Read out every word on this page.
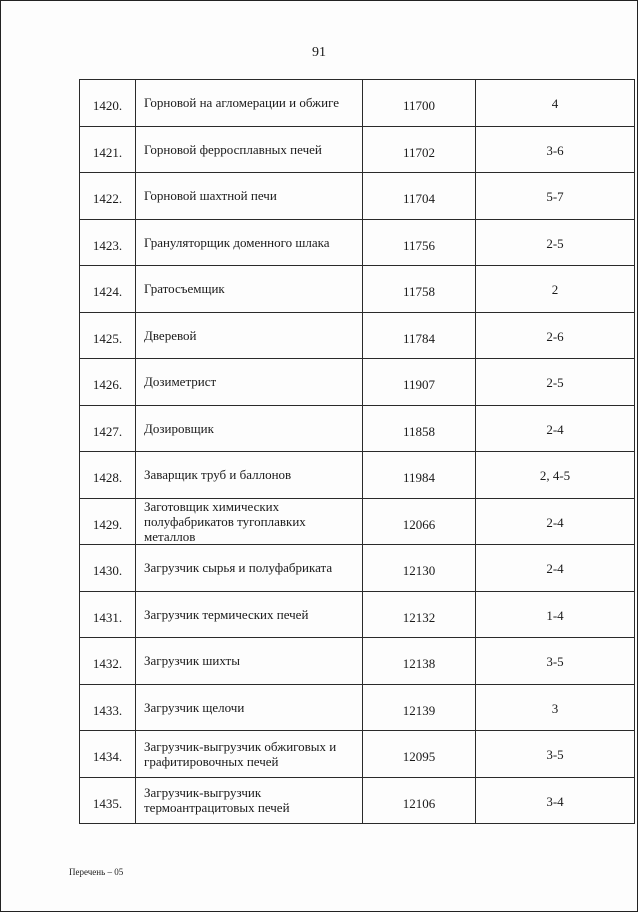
91
1420.	Горновой на агломерации и обжиге	11700	4
1421.	Горновой ферросплавных печей	11702	3-6
1422.	Горновой шахтной печи	11704	5-7
1423.	Грануляторщик доменного шлака	11756	2-5
1424.	Гратосъемщик	11758	2
1425.	Дверевой	11784	2-6
1426.	Дозиметрист	11907	2-5
1427.	Дозировщик	11858	2-4
1428.	Заварщик труб и баллонов	11984	2, 4-5
1429.	Заготовщик химических полуфабрикатов тугоплавких металлов	12066	2-4
1430.	Загрузчик сырья и полуфабриката	12130	2-4
1431.	Загрузчик термических печей	12132	1-4
1432.	Загрузчик шихты	12138	3-5
1433.	Загрузчик щелочи	12139	3
1434.	Загрузчик-выгрузчик обжиговых и графитировочных печей	12095	3-5
1435.	Загрузчик-выгрузчик термоантрацитовых печей	12106	3-4
Перечень – 05
